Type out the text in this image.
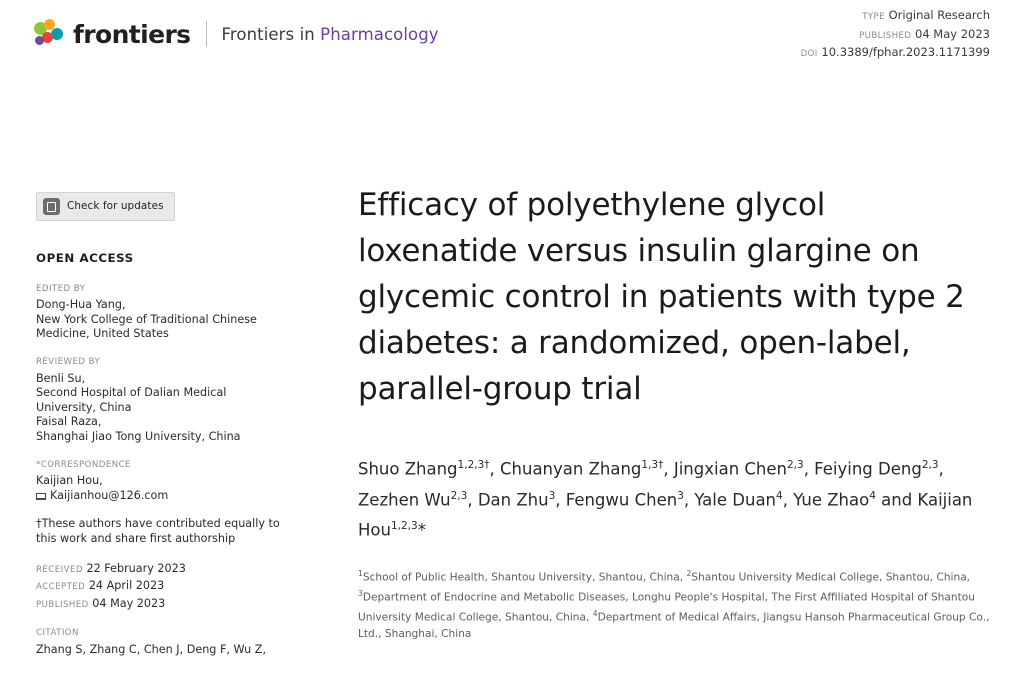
frontiers Frontiers in Pharmacology
TYPE Original Research
PUBLISHED 04 May 2023
DOI 10.3389/fphar.2023.1171399
Check for updates
OPEN ACCESS
EDITED BY
Dong-Hua Yang,
New York College of Traditional Chinese
Medicine, United States
REVIEWED BY
Benli Su,
Second Hospital of Dalian Medical
University, China
Faisal Raza,
Shanghai Jiao Tong University, China
*CORRESPONDENCE
Kaijian Hou,
Kaijianhou@126.com
†These authors have contributed equally to this work and share first authorship
RECEIVED 22 February 2023
ACCEPTED 24 April 2023
PUBLISHED 04 May 2023
CITATION
Zhang S, Zhang C, Chen J, Deng F, Wu Z,
Efficacy of polyethylene glycol loxenatide versus insulin glargine on glycemic control in patients with type 2 diabetes: a randomized, open-label, parallel-group trial
Shuo Zhang$^{1,2,3\dagger}$, Chuanyan Zhang$^{1,3\dagger}$, Jingxian Chen$^{2,3}$, Feiying Deng$^{2,3}$, Zezhen Wu$^{2,3}$, Dan Zhu$^3$, Fengwu Chen$^3$, Yale Duan$^4$, Yue Zhao$^4$ and Kaijian Hou$^{1,2,3}$*
$^1$School of Public Health, Shantou University, Shantou, China, $^2$Shantou University Medical College, Shantou, China, $^3$Department of Endocrine and Metabolic Diseases, Longhu People's Hospital, The First Affiliated Hospital of Shantou University Medical College, Shantou, China, $^4$Department of Medical Affairs, Jiangsu Hansoh Pharmaceutical Group Co., Ltd., Shanghai, China
